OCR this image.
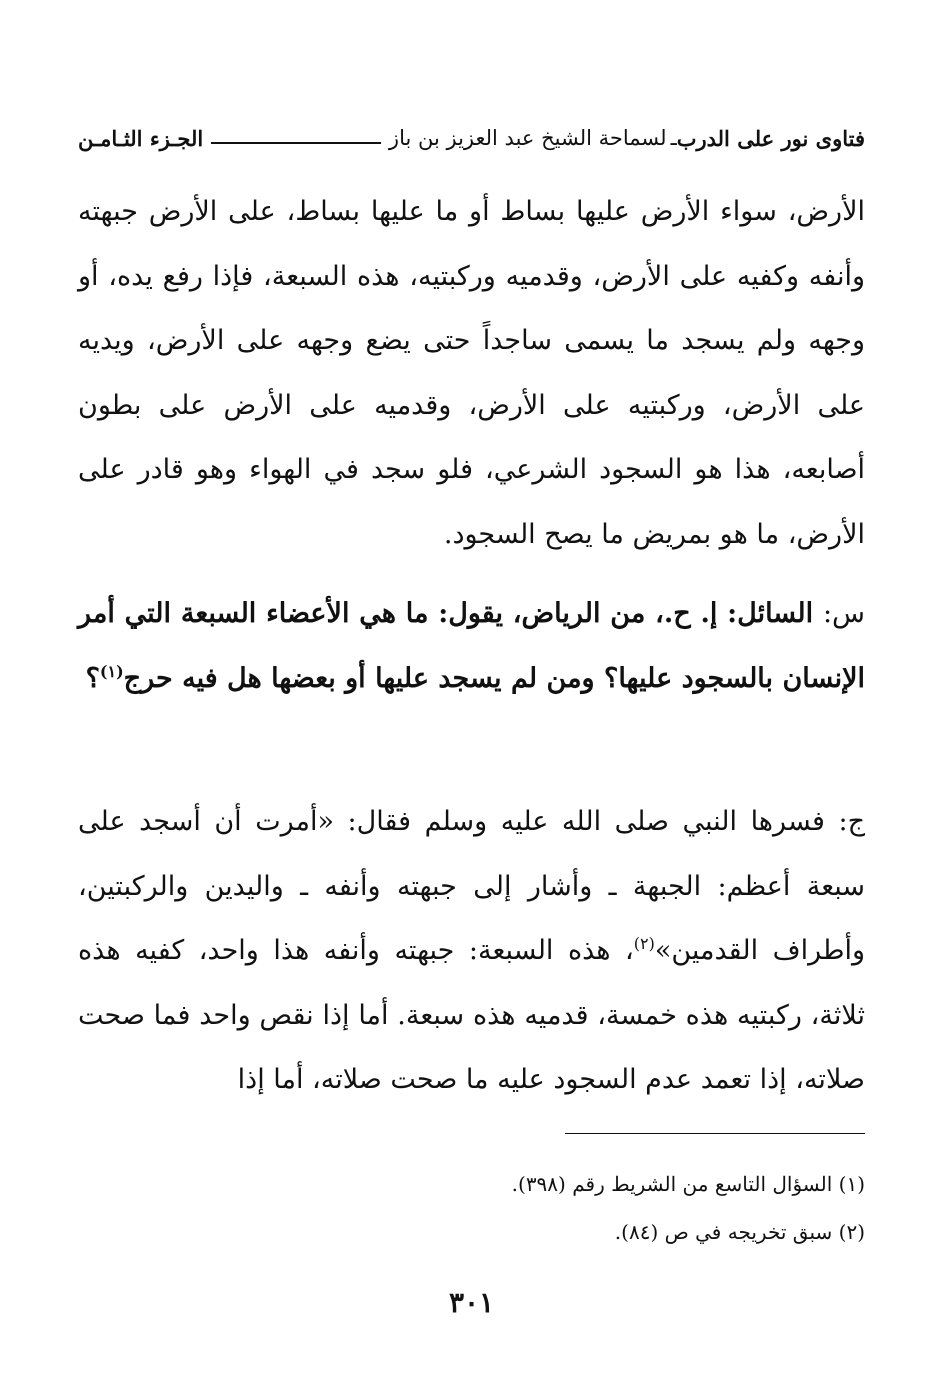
فتاوى نور على الدرب
ـ
لسماحة الشيخ عبد العزيز بن باز
الجـزء الثـامـن
الأرض، سواء الأرض عليها بساط أو ما عليها بساط، على الأرض جبهته وأنفه وكفيه على الأرض، وقدميه وركبتيه، هذه السبعة، فإذا رفع يده، أو وجهه ولم يسجد ما يسمى ساجداً حتى يضع وجهه على الأرض، ويديه على الأرض، وركبتيه على الأرض، وقدميه على الأرض على بطون أصابعه، هذا هو السجود الشرعي، فلو سجد في الهواء وهو قادر على الأرض، ما هو بمريض ما يصح السجود.
س: السائل: إ. ح.، من الرياض، يقول: ما هي الأعضاء السبعة التي أمر الإنسان بالسجود عليها؟ ومن لم يسجد عليها أو بعضها هل فيه حرج$^{(١)}$؟
ج: فسرها النبي صلى الله عليه وسلم فقال: «أمرت أن أسجد على سبعة أعظم: الجبهة ـ وأشار إلى جبهته وأنفه ـ واليدين والركبتين، وأطراف القدمين»$^{(٢)}$، هذه السبعة: جبهته وأنفه هذا واحد، كفيه هذه ثلاثة، ركبتيه هذه خمسة، قدميه هذه سبعة. أما إذا نقص واحد فما صحت صلاته، إذا تعمد عدم السجود عليه ما صحت صلاته، أما إذا
(١) السؤال التاسع من الشريط رقم (٣٩٨).
(٢) سبق تخريجه في ص (٨٤).
٣٠١
